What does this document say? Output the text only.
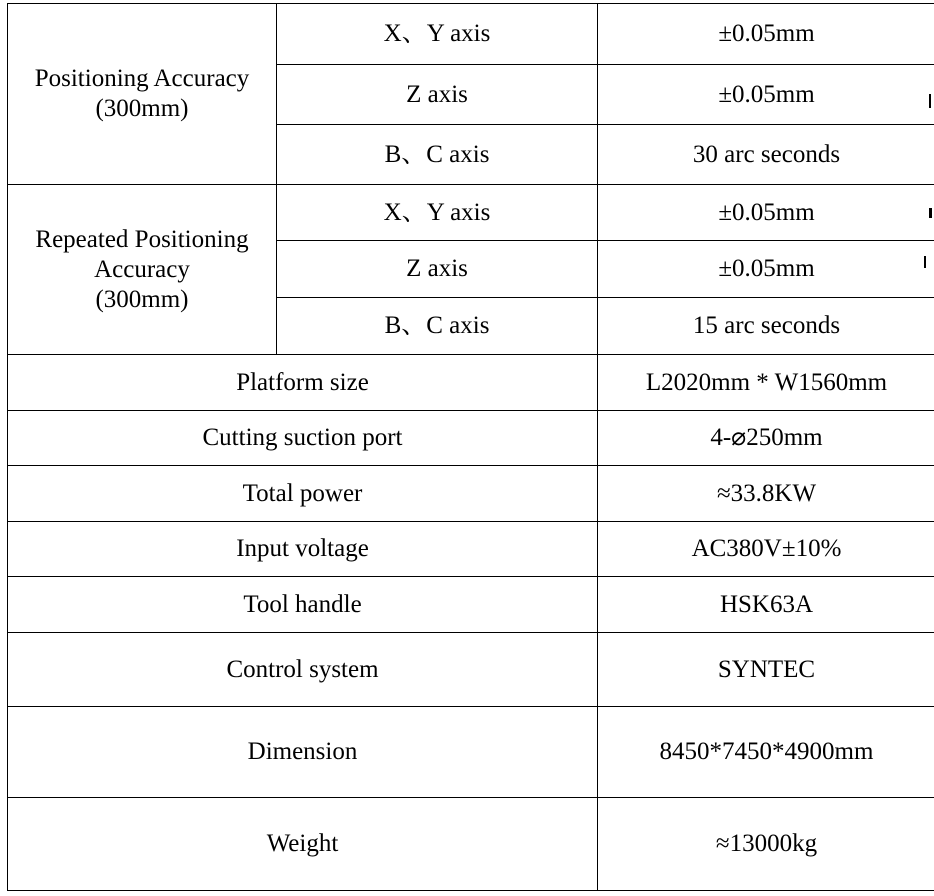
Positioning Accuracy
(300mm)	X、Y axis	±0.05mm
	Z axis	±0.05mm
	B、C axis	30 arc seconds

Repeated Positioning
Accuracy
(300mm)	X、Y axis	±0.05mm
	Z axis	±0.05mm
	B、C axis	15 arc seconds
Platform size		L2020mm * W1560mm
Cutting suction port		4-⌀250mm
Total power		≈33.8KW
Input voltage		AC380V±10%
Tool handle		HSK63A
Control system		SYNTEC
Dimension		8450*7450*4900mm
Weight		≈13000kg
